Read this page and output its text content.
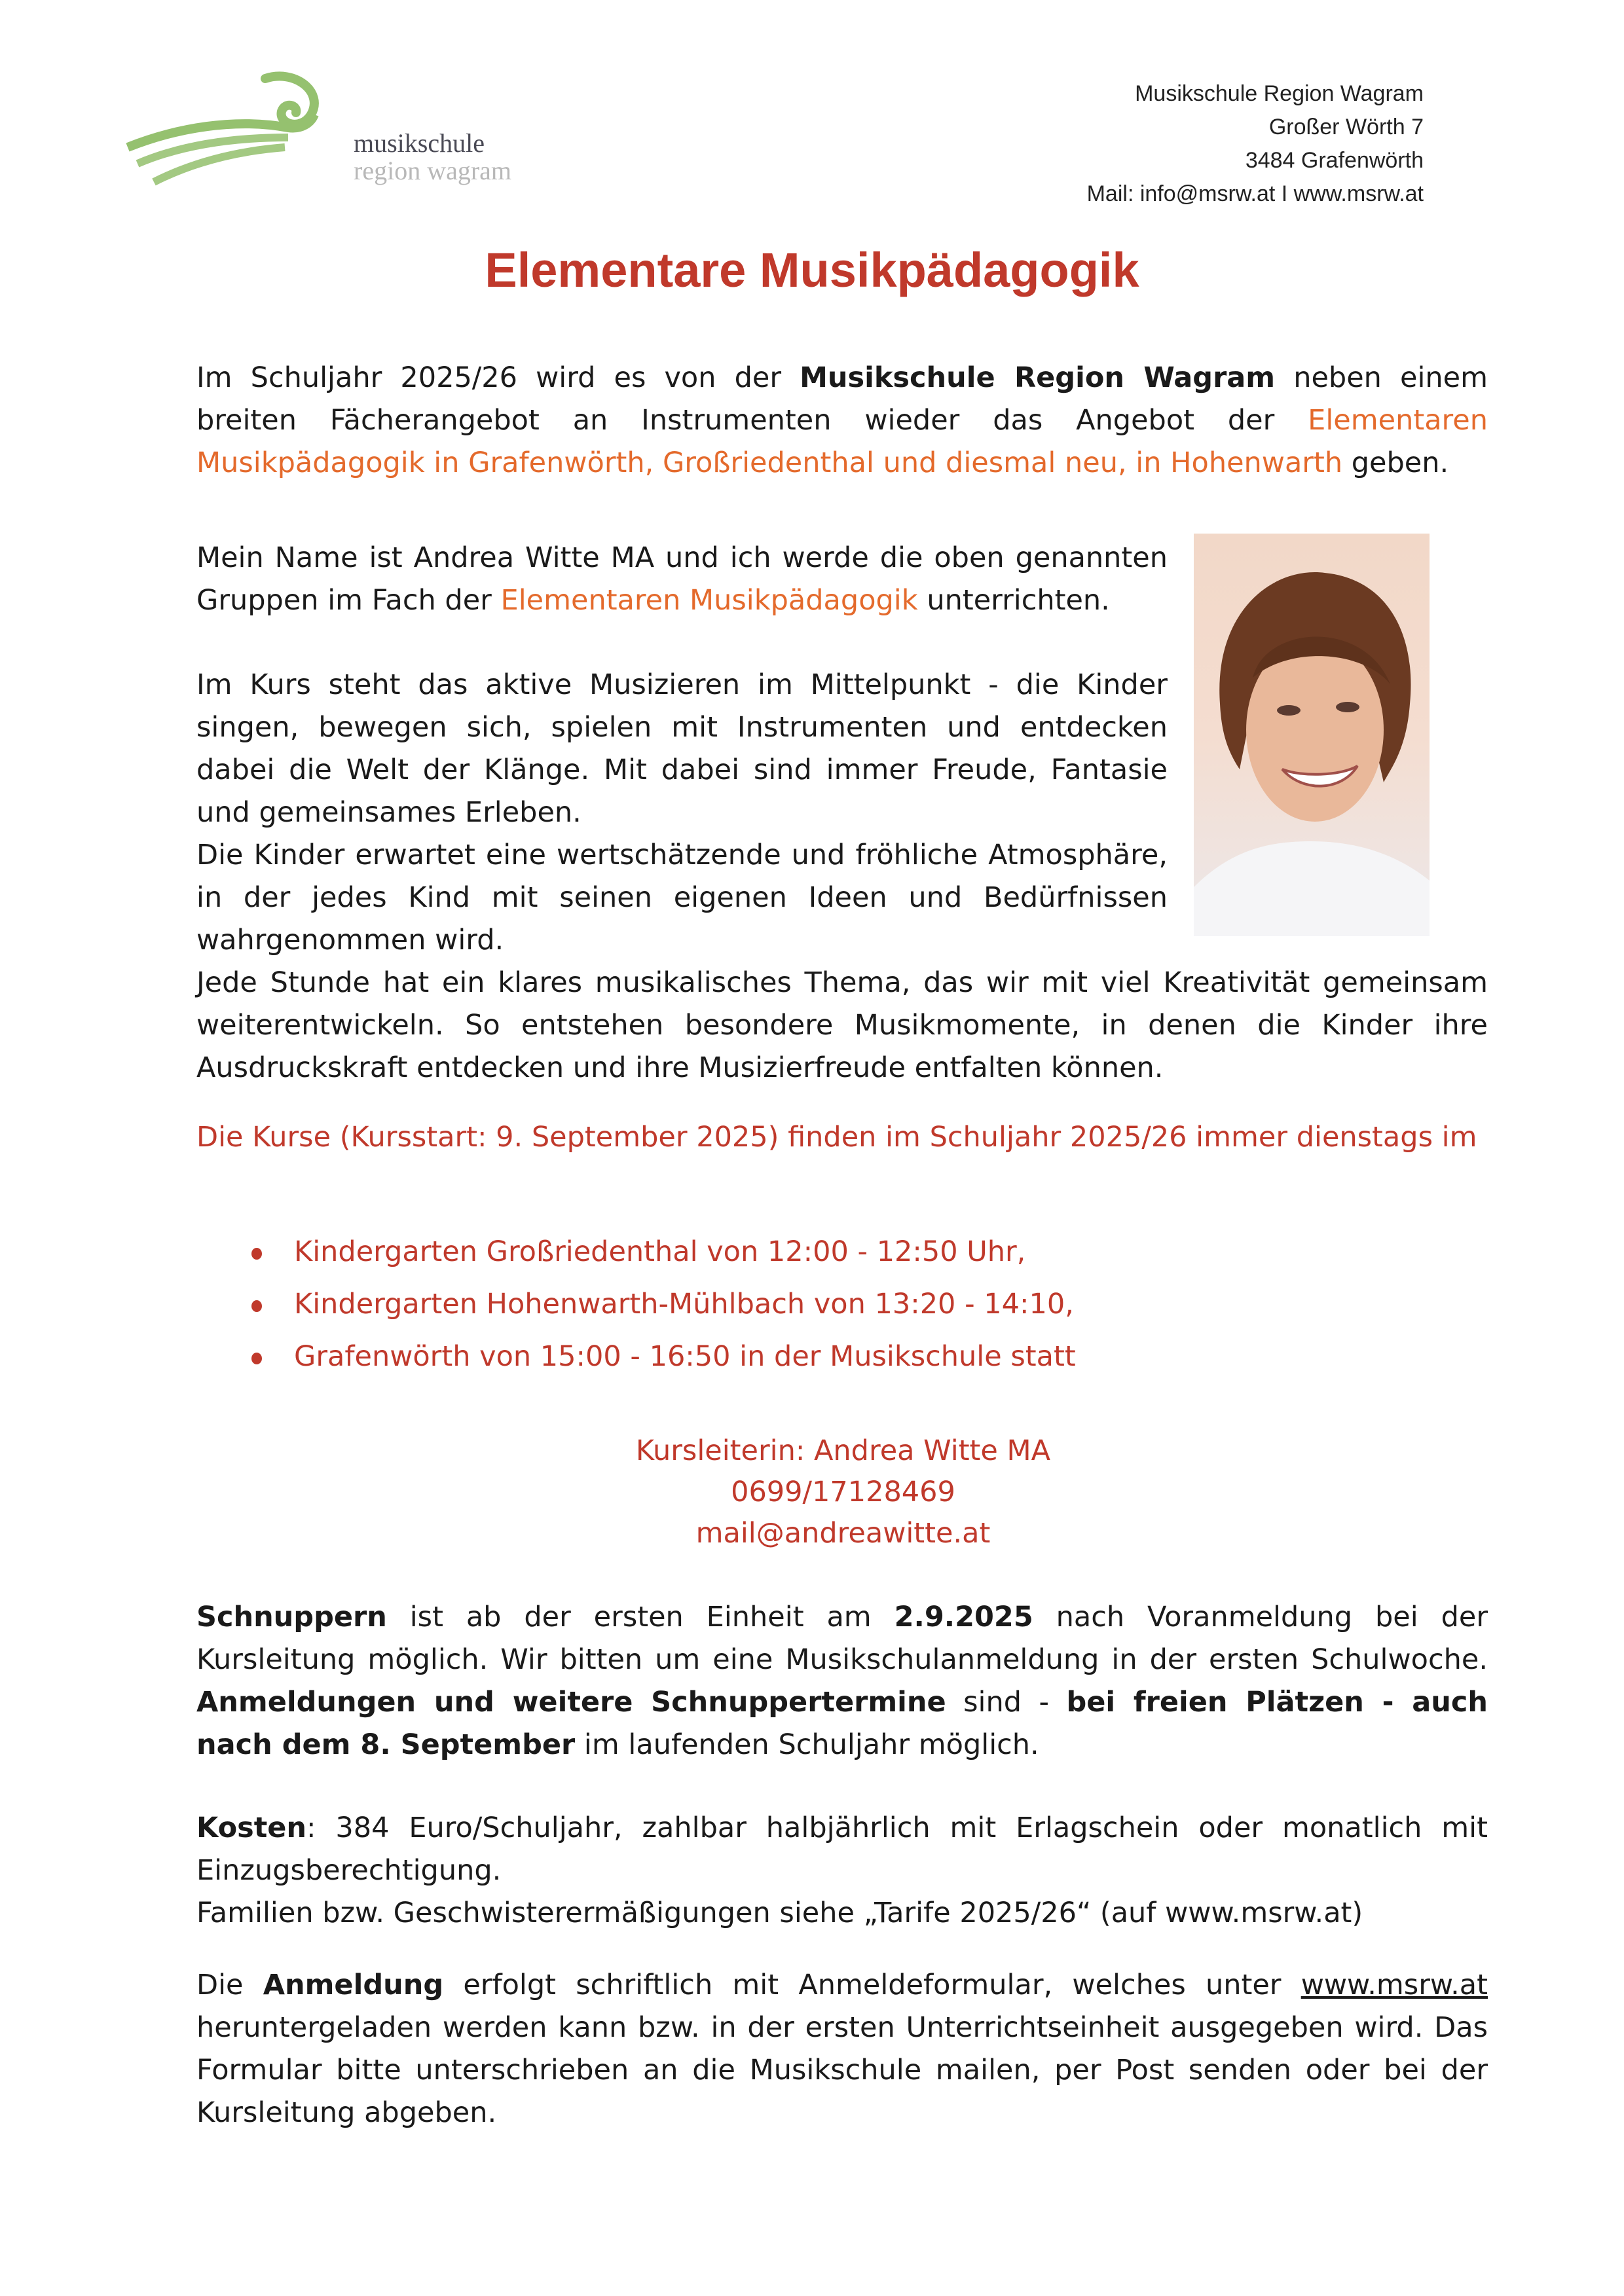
musikschule
region wagram
Musikschule Region Wagram
Großer Wörth 7
3484 Grafenwörth
Mail: info@msrw.at I www.msrw.at
Elementare Musikpädagogik
Im Schuljahr 2025/26 wird es von der Musikschule Region Wagram neben einem breiten Fächerangebot an Instrumenten wieder das Angebot der Elementaren Musikpädagogik in Grafenwörth, Großriedenthal und diesmal neu, in Hohenwarth geben.
Mein Name ist Andrea Witte MA und ich werde die oben genannten Gruppen im Fach der Elementaren Musikpädagogik unterrichten.
Im Kurs steht das aktive Musizieren im Mittelpunkt - die Kinder singen, bewegen sich, spielen mit Instrumenten und entdecken dabei die Welt der Klänge. Mit dabei sind immer Freude, Fantasie und gemeinsames Erleben.
Die Kinder erwartet eine wertschätzende und fröhliche Atmosphäre, in der jedes Kind mit seinen eigenen Ideen und Bedürfnissen wahrgenommen wird.
Jede Stunde hat ein klares musikalisches Thema, das wir mit viel Kreativität gemeinsam weiterentwickeln. So entstehen besondere Musikmomente, in denen die Kinder ihre Ausdruckskraft entdecken und ihre Musizierfreude entfalten können.
Die Kurse (Kursstart: 9. September 2025) finden im Schuljahr 2025/26 immer dienstags im
Kindergarten Großriedenthal von 12:00 - 12:50 Uhr,
Kindergarten Hohenwarth-Mühlbach von 13:20 - 14:10,
Grafenwörth von 15:00 - 16:50 in der Musikschule statt
Kursleiterin: Andrea Witte MA
0699/17128469
mail@andreawitte.at
Schnuppern ist ab der ersten Einheit am 2.9.2025 nach Voranmeldung bei der Kursleitung möglich. Wir bitten um eine Musikschulanmeldung in der ersten Schulwoche. Anmeldungen und weitere Schnuppertermine sind - bei freien Plätzen - auch nach dem 8. September im laufenden Schuljahr möglich.
Kosten: 384 Euro/Schuljahr, zahlbar halbjährlich mit Erlagschein oder monatlich mit Einzugsberechtigung.
Familien bzw. Geschwisterermäßigungen siehe „Tarife 2025/26“ (auf www.msrw.at)
Die Anmeldung erfolgt schriftlich mit Anmeldeformular, welches unter www.msrw.at heruntergeladen werden kann bzw. in der ersten Unterrichtseinheit ausgegeben wird. Das Formular bitte unterschrieben an die Musikschule mailen, per Post senden oder bei der Kursleitung abgeben.
